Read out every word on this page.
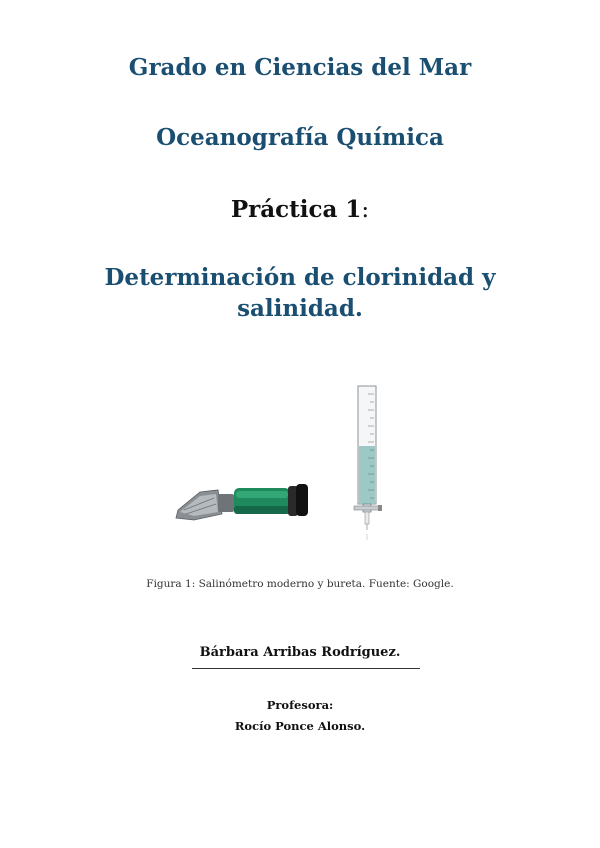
Grado en Ciencias del Mar
Oceanografía Química
Práctica 1:
Determinación de clorinidad y
salinidad.
Figura 1: Salinómetro moderno y bureta. Fuente: Google.
Bárbara Arribas Rodríguez.
Profesora:
Rocío Ponce Alonso.
